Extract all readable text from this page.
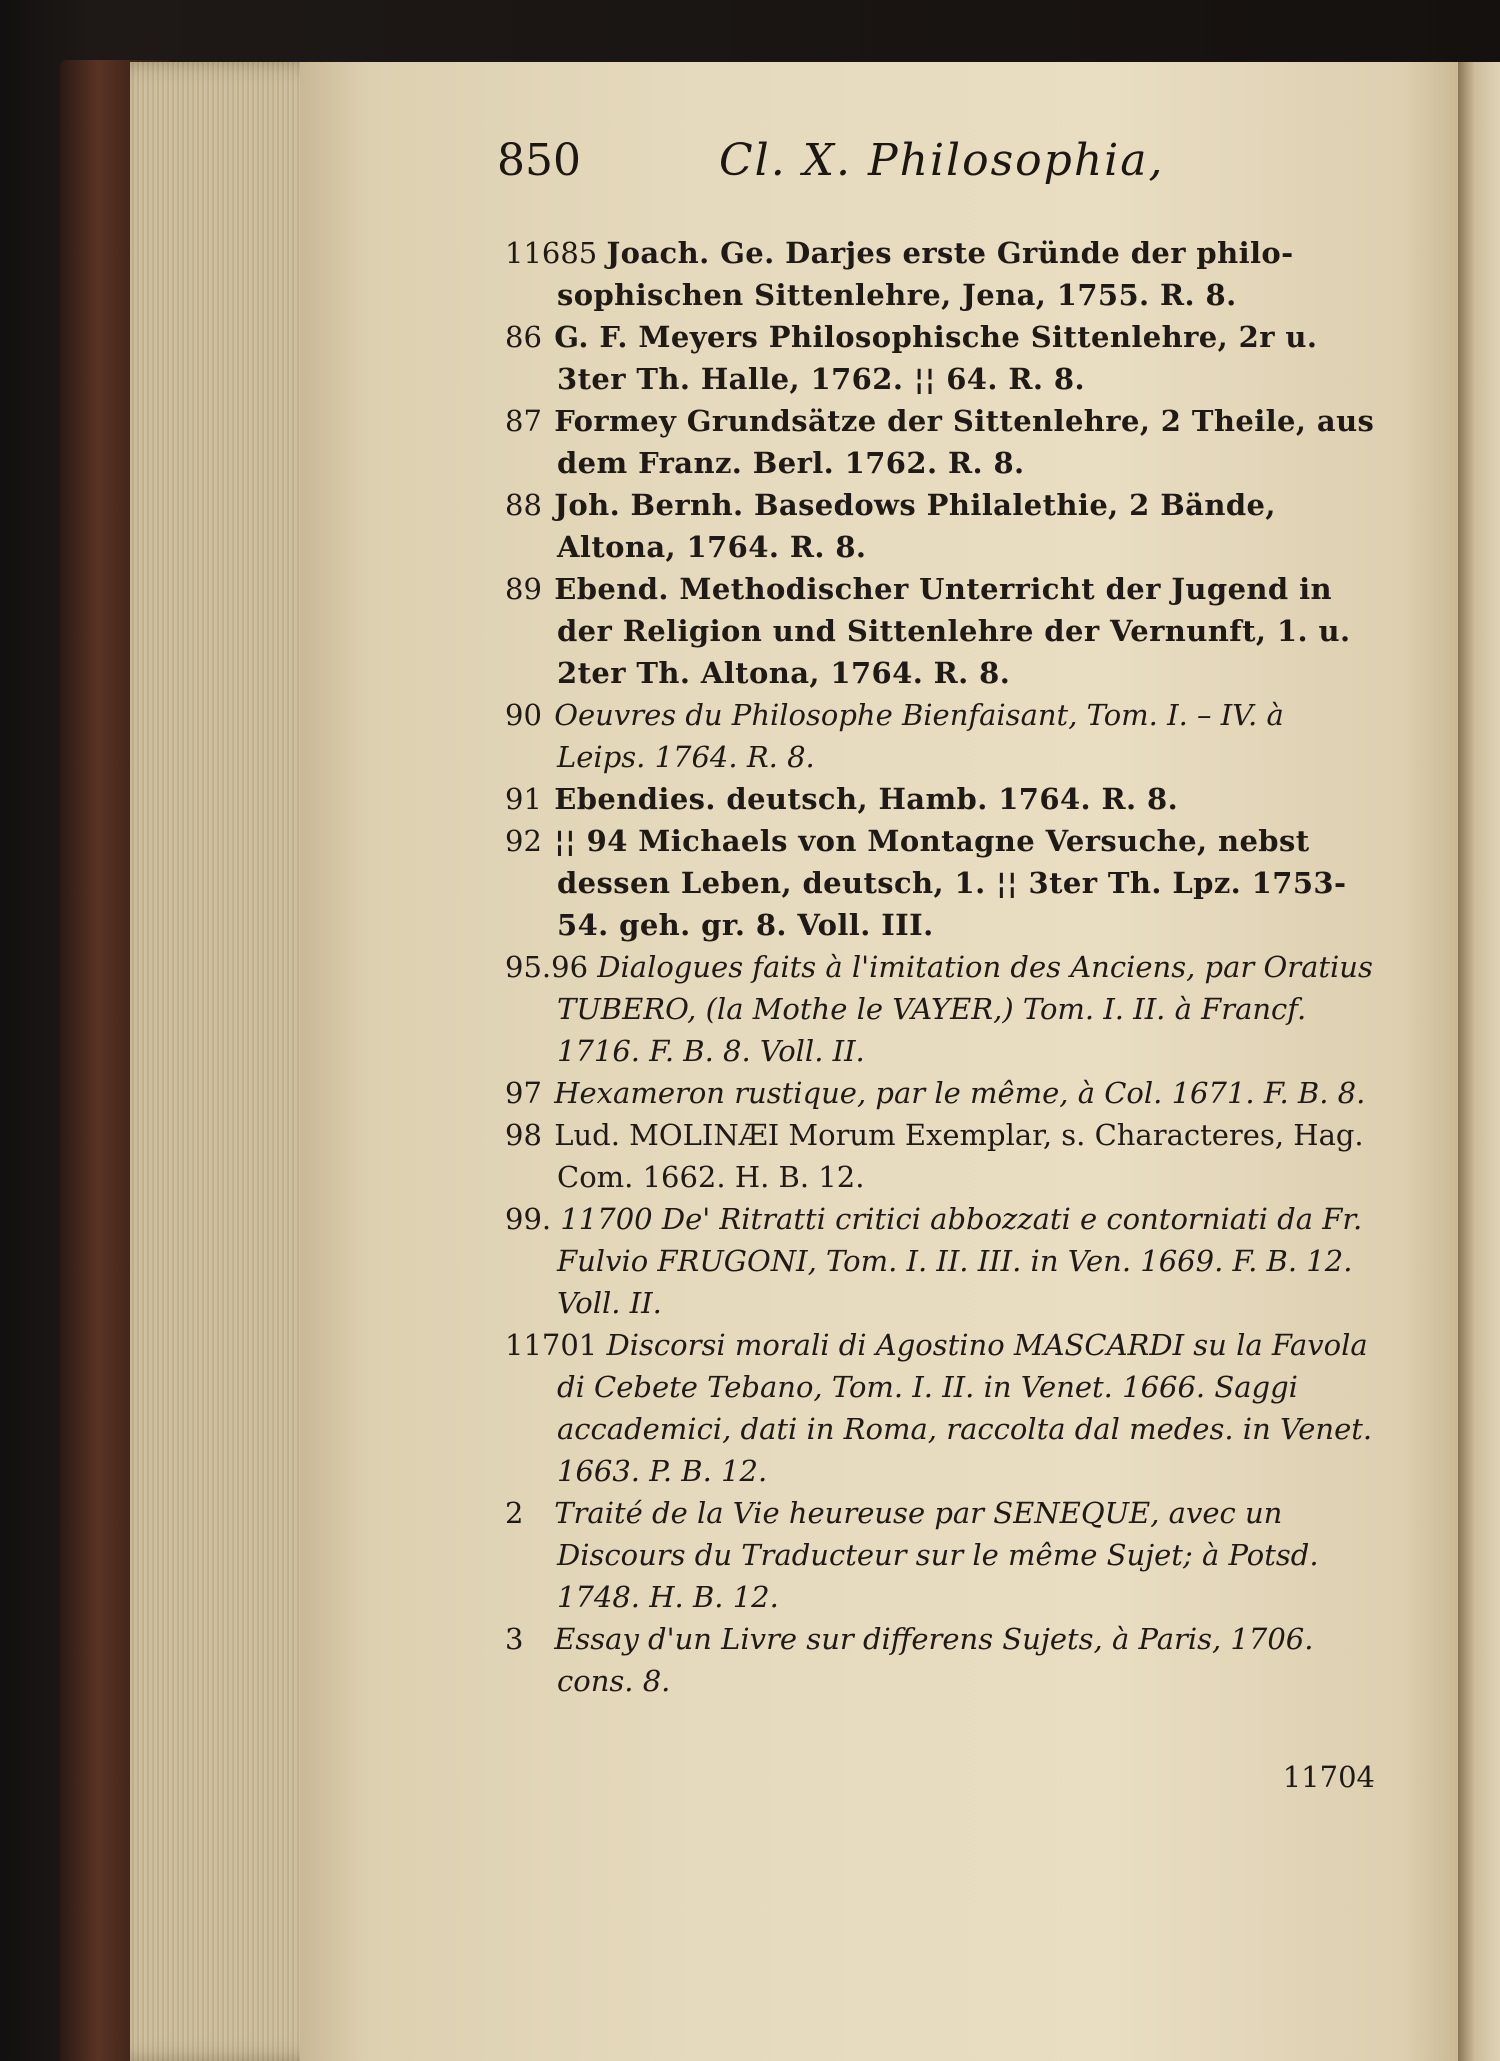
850	Cl. X. Philosophia,

11685 Joach. Ge. Darjes erste Gründe der philo-sophischen Sittenlehre, Jena, 1755. R. 8.

86 G. F. Meyers Philosophische Sittenlehre, 2r u. 3ter Th. Halle, 1762. ¦¦ 64. R. 8.

87 Formey Grundsätze der Sittenlehre, 2 Theile, aus dem Franz. Berl. 1762. R. 8.

88 Joh. Bernh. Basedows Philalethie, 2 Bände, Altona, 1764. R. 8.

89 Ebend. Methodischer Unterricht der Jugend in der Religion und Sittenlehre der Vernunft, 1. u. 2ter Th. Altona, 1764. R. 8.

90 Oeuvres du Philosophe Bienfaisant, Tom. I. – IV. à Leips. 1764. R. 8.

91 Ebendies. deutsch, Hamb. 1764. R. 8.

92 ¦¦ 94 Michaels von Montagne Versuche, nebst dessen Leben, deutsch, 1. ¦¦ 3ter Th. Lpz. 1753-54. geh. gr. 8. Voll. III.

95.96 Dialogues faits à l'imitation des Anciens, par Oratius TUBERO, (la Mothe le VAYER,) Tom. I. II. à Francf. 1716. F. B. 8. Voll. II.

97 Hexameron rustique, par le même, à Col. 1671. F. B. 8.

98 Lud. MOLINÆI Morum Exemplar, s. Characteres, Hag. Com. 1662. H. B. 12.

99. 11700 De' Ritratti critici abbozzati e contorniati da Fr. Fulvio FRUGONI, Tom. I. II. III. in Ven. 1669. F. B. 12. Voll. II.

11701 Discorsi morali di Agostino MASCARDI su la Favola di Cebete Tebano, Tom. I. II. in Venet. 1666. Saggi accademici, dati in Roma, raccolta dal medes. in Venet. 1663. P. B. 12.

2 Traité de la Vie heureuse par SENEQUE, avec un Discours du Traducteur sur le même Sujet; à Potsd. 1748. H. B. 12.

3 Essay d'un Livre sur differens Sujets, à Paris, 1706. cons. 8.

11704
